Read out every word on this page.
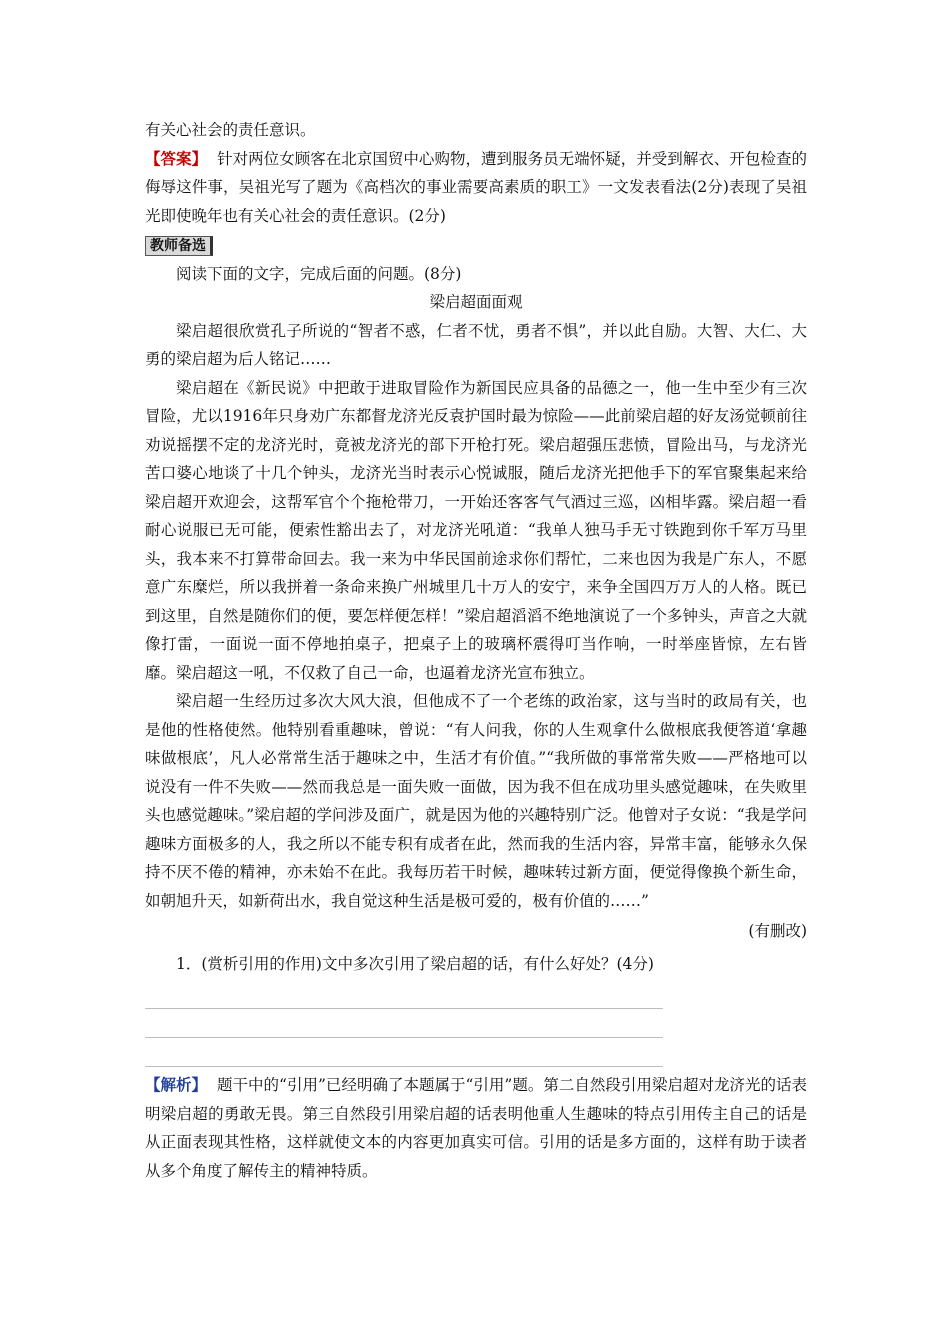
有关心社会的责任意识。

【答案】 针对两位女顾客在北京国贸中心购物，遭到服务员无端怀疑，并受到解衣、开包检查的侮辱这件事，吴祖光写了题为《高档次的事业需要高素质的职工》一文发表看法(2分)表现了吴祖光即使晚年也有关心社会的责任意识。(2分)

教师备选

阅读下面的文字，完成后面的问题。(8分)

梁启超面面观

梁启超很欣赏孔子所说的“智者不惑，仁者不忧，勇者不惧”，并以此自励。大智、大仁、大勇的梁启超为后人铭记……

梁启超在《新民说》中把敢于进取冒险作为新国民应具备的品德之一，他一生中至少有三次冒险，尤以1916年只身劝广东都督龙济光反袁护国时最为惊险——此前梁启超的好友汤觉顿前往劝说摇摆不定的龙济光时，竟被龙济光的部下开枪打死。梁启超强压悲愤，冒险出马，与龙济光苦口婆心地谈了十几个钟头，龙济光当时表示心悦诚服，随后龙济光把他手下的军官聚集起来给梁启超开欢迎会，这帮军官个个拖枪带刀，一开始还客客气气酒过三巡，凶相毕露。梁启超一看耐心说服已无可能，便索性豁出去了，对龙济光吼道：“我单人独马手无寸铁跑到你千军万马里头，我本来不打算带命回去。我一来为中华民国前途求你们帮忙，二来也因为我是广东人，不愿意广东糜烂，所以我拼着一条命来换广州城里几十万人的安宁，来争全国四万万人的人格。既已到这里，自然是随你们的便，要怎样便怎样！”梁启超滔滔不绝地演说了一个多钟头，声音之大就像打雷，一面说一面不停地拍桌子，把桌子上的玻璃杯震得叮当作响，一时举座皆惊，左右皆靡。梁启超这一吼，不仅救了自己一命，也逼着龙济光宣布独立。

梁启超一生经历过多次大风大浪，但他成不了一个老练的政治家，这与当时的政局有关，也是他的性格使然。他特别看重趣味，曾说：“有人问我，你的人生观拿什么做根底我便答道‘拿趣味做根底’，凡人必常常生活于趣味之中，生活才有价值。”“我所做的事常常失败——严格地可以说没有一件不失败——然而我总是一面失败一面做，因为我不但在成功里头感觉趣味，在失败里头也感觉趣味。”梁启超的学问涉及面广，就是因为他的兴趣特别广泛。他曾对子女说：“我是学问趣味方面极多的人，我之所以不能专积有成者在此，然而我的生活内容，异常丰富，能够永久保持不厌不倦的精神，亦未始不在此。我每历若干时候，趣味转过新方面，便觉得像换个新生命，如朝旭升天，如新荷出水，我自觉这种生活是极可爱的，极有价值的……”

(有删改)

1．(赏析引用的作用)文中多次引用了梁启超的话，有什么好处？(4分)

【解析】 题干中的“引用”已经明确了本题属于“引用”题。第二自然段引用梁启超对龙济光的话表明梁启超的勇敢无畏。第三自然段引用梁启超的话表明他重人生趣味的特点引用传主自己的话是从正面表现其性格，这样就使文本的内容更加真实可信。引用的话是多方面的，这样有助于读者从多个角度了解传主的精神特质。
